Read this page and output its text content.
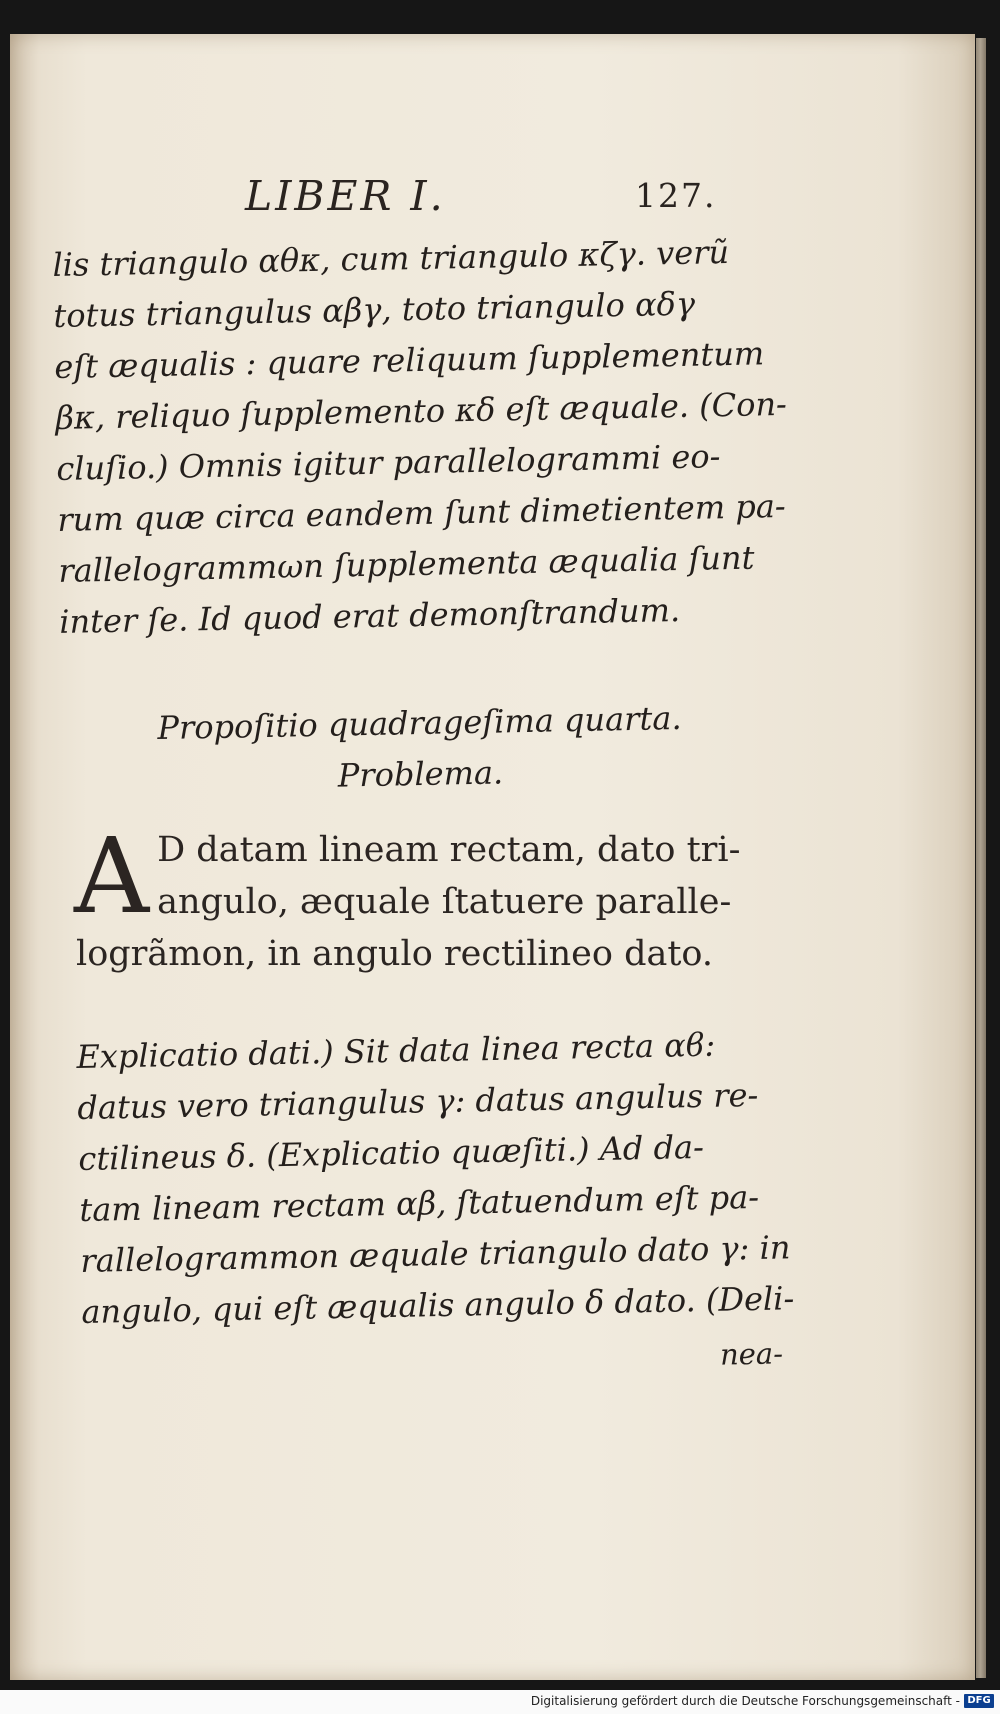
LIBER I.	127.
lis triangulo αθκ, cum triangulo κζγ. verũ
totus triangulus αβγ, toto triangulo αδγ
eſt æqualis : quare reliquum ſupplementum
βκ, reliquo ſupplemento κδ eſt æquale. (Con-
cluſio.) Omnis igitur parallelogrammi eo-
rum quæ circa eandem ſunt dimetientem pa-
rallelogrammωn ſupplementa æqualia ſunt
inter ſe. Id quod erat demonſtrandum.
Propoſitio quadrageſima quarta.
Problema.
A D datam lineam rectam, dato tri-
angulo, æquale ſtatuere paralle-
logrãmon, in angulo rectilineo dato.
Explicatio dati.) Sit data linea recta αϐ:
datus vero triangulus γ: datus angulus re-
ctilineus δ. (Explicatio quæſiti.) Ad da-
tam lineam rectam αβ, ſtatuendum eſt pa-
rallelogrammon æquale triangulo dato γ: in
angulo, qui eſt æqualis angulo δ dato. (Deli-
nea-
Digitalisierung gefördert durch die Deutsche Forschungsgemeinschaft - DFG
